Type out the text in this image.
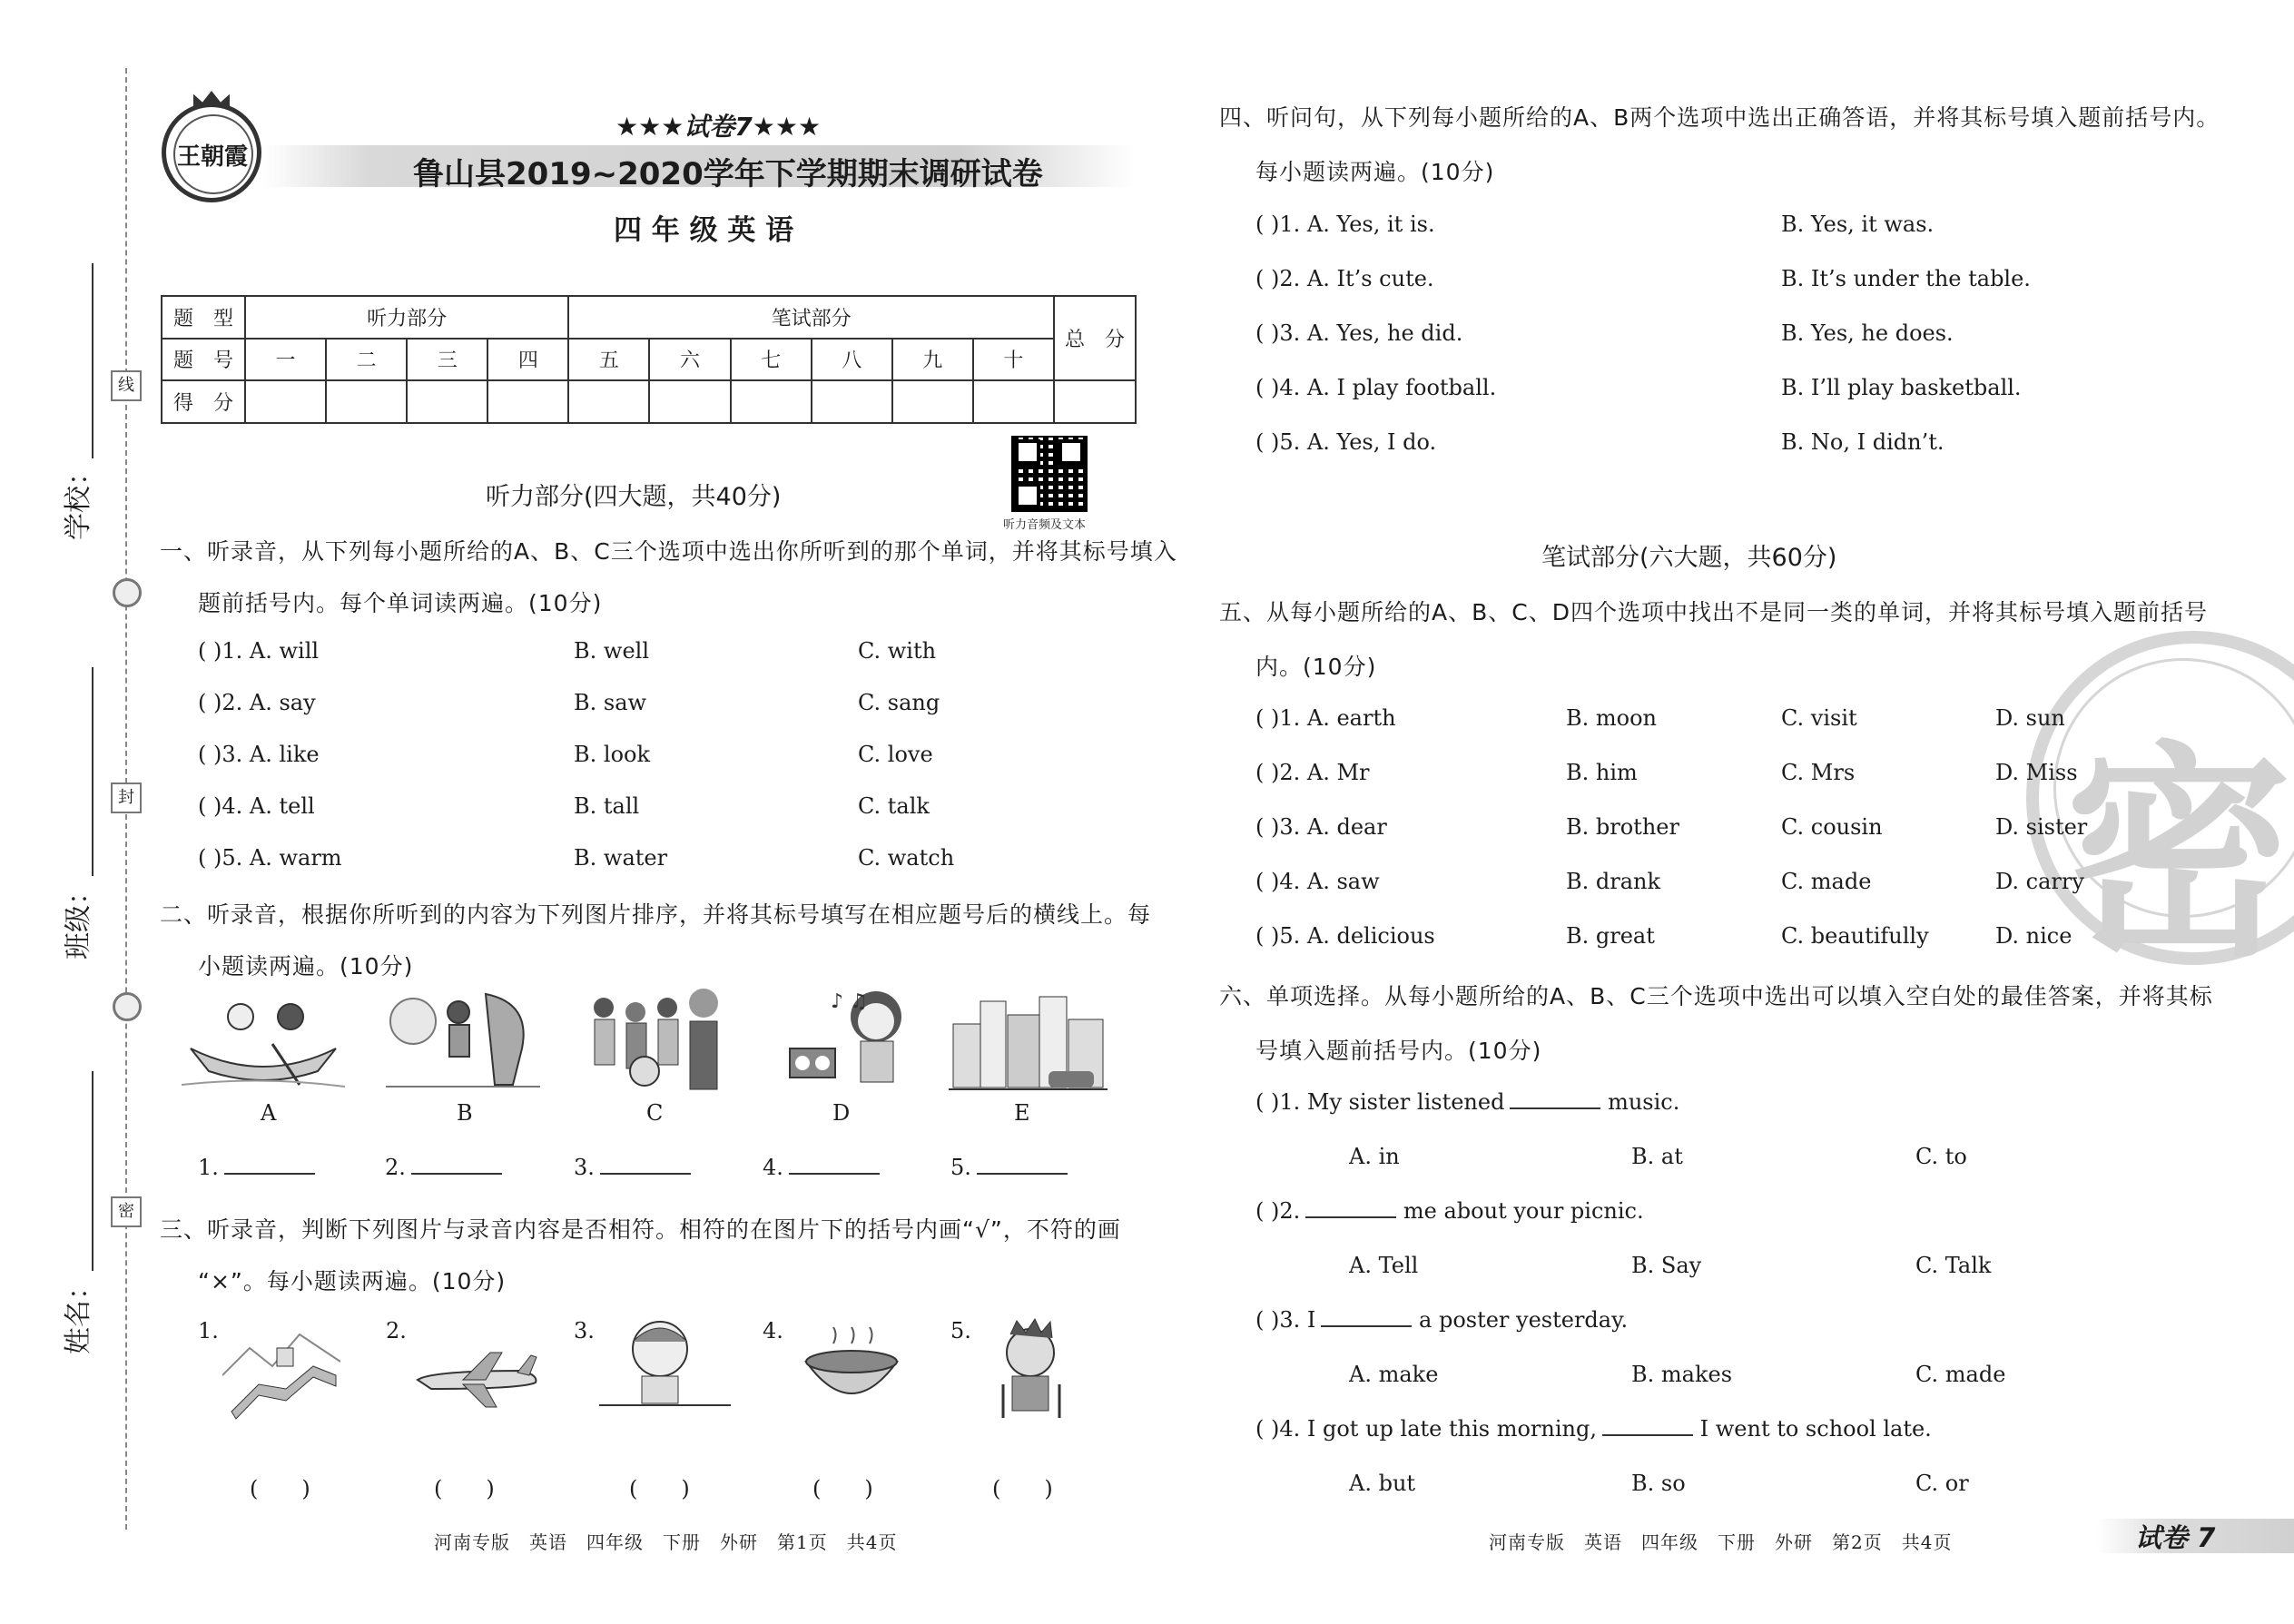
学校：
班级：
姓名：
线
封
密
王朝霞
★★★试卷7★★★
鲁山县2019~2020学年下学期期末调研试卷
四 年 级 英 语
题　型	听力部分				笔试部分						总　分
题　号	一	二	三	四	五	六	七	八	九	十	
得　分											
听力音频及文本
听力部分(四大题，共40分)
一、听录音，从下列每小题所给的A、B、C三个选项中选出你所听到的那个单词，并将其标号填入
题前括号内。每个单词读两遍。(10分)
( )1. A. will	B. well	C. with
( )2. A. say	B. saw	C. sang
( )3. A. like	B. look	C. love
( )4. A. tell	B. tall	C. talk
( )5. A. warm	B. water	C. watch
二、听录音，根据你所听到的内容为下列图片排序，并将其标号填写在相应题号后的横线上。每
小题读两遍。(10分)
♪ ♫
A	B	C	D	E
1.	2.	3.	4.	5.
三、听录音，判断下列图片与录音内容是否相符。相符的在图片下的括号内画“√”，不符的画
“×”。每小题读两遍。(10分)
1.	2.	3.	4.	5.
(　　)	(　　)	(　　)	(　　)	(　　)
河南专版　英语　四年级　下册　外研　第1页　共4页
四、听问句，从下列每小题所给的A、B两个选项中选出正确答语，并将其标号填入题前括号内。
每小题读两遍。(10分)
( )1. A. Yes, it is.	B. Yes, it was.
( )2. A. It’s cute.	B. It’s under the table.
( )3. A. Yes, he did.	B. Yes, he does.
( )4. A. I play football.	B. I’ll play basketball.
( )5. A. Yes, I do.	B. No, I didn’t.
密
笔试部分(六大题，共60分)
五、从每小题所给的A、B、C、D四个选项中找出不是同一类的单词，并将其标号填入题前括号
内。(10分)
( )1. A. earth	B. moon	C. visit	D. sun
( )2. A. Mr	B. him	C. Mrs	D. Miss
( )3. A. dear	B. brother	C. cousin	D. sister
( )4. A. saw	B. drank	C. made	D. carry
( )5. A. delicious	B. great	C. beautifully	D. nice
六、单项选择。从每小题所给的A、B、C三个选项中选出可以填入空白处的最佳答案，并将其标
号填入题前括号内。(10分)
( )1. My sister listened	music.
A. in	B. at	C. to
( )2.	me about your picnic.
A. Tell	B. Say	C. Talk
( )3. I	a poster yesterday.
A. make	B. makes	C. made
( )4. I got up late this morning,	I went to school late.
A. but	B. so	C. or
河南专版　英语　四年级　下册　外研　第2页　共4页	试卷 7
